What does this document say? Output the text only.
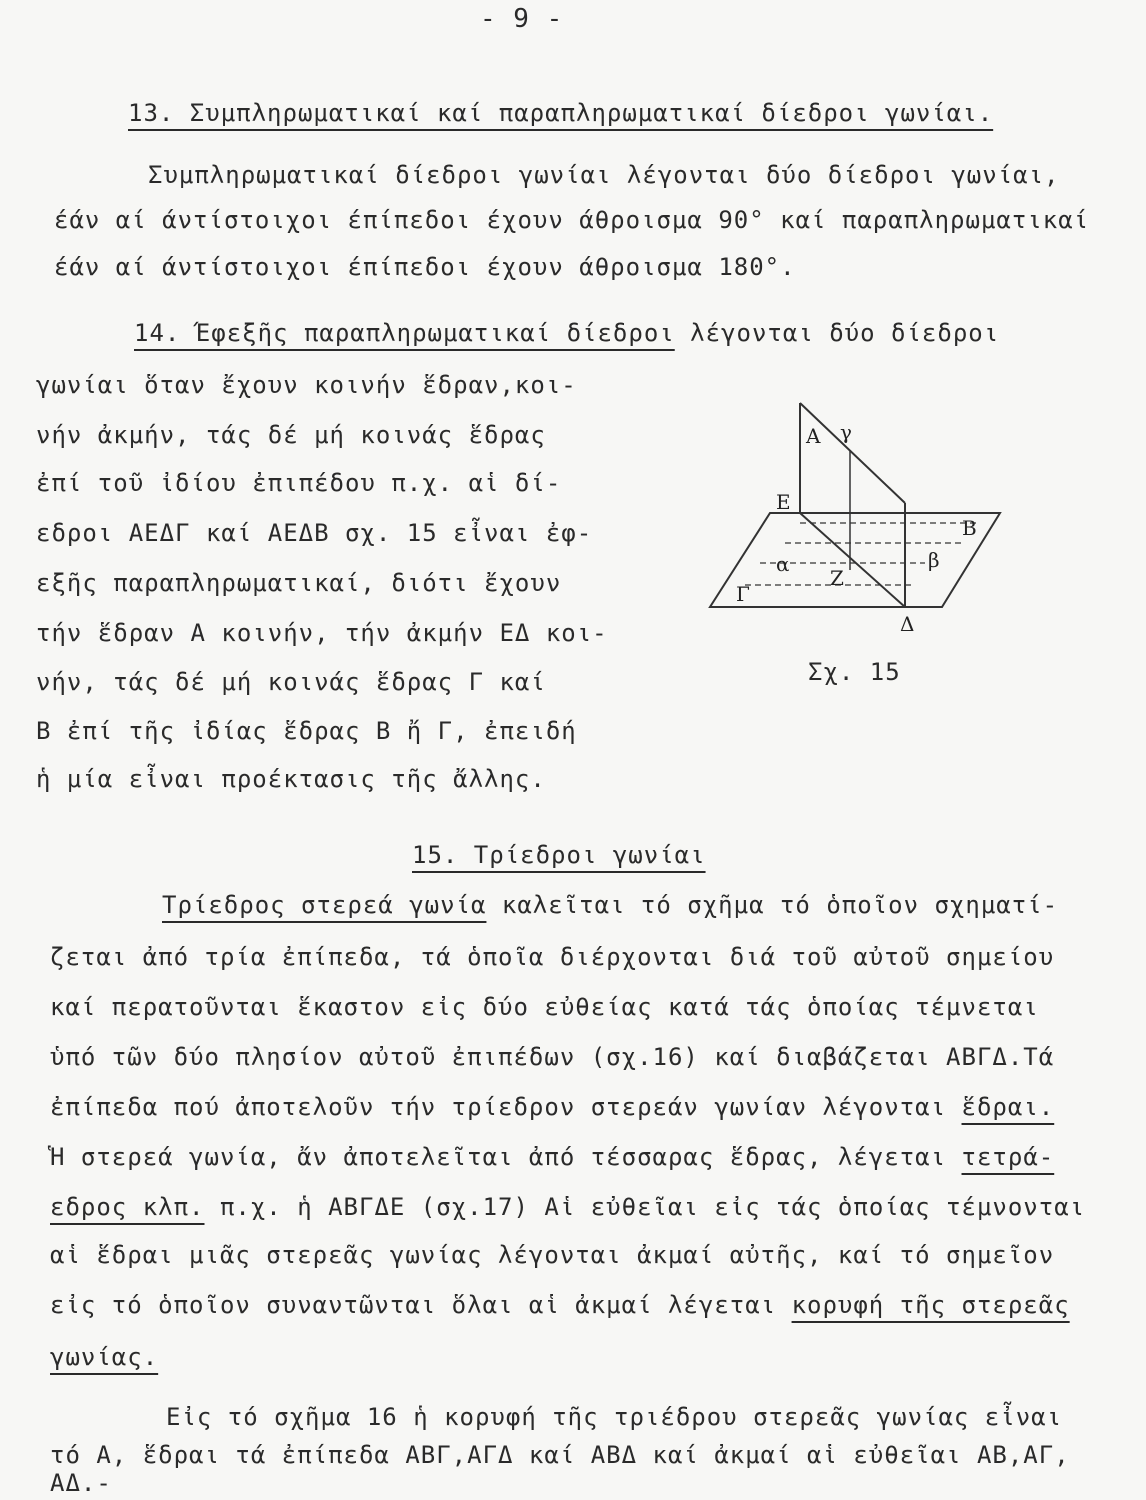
- 9 -
13. Συμπληρωματικαί καί παραπληρωματικαί δίεδροι γωνίαι.
Συμπληρωματικαί δίεδροι γωνίαι λέγονται δύο δίεδροι γωνίαι,
έάν αί άντίστοιχοι έπίπεδοι έχουν άθροισμα 90° καί παραπληρωματικαί
έάν αί άντίστοιχοι έπίπεδοι έχουν άθροισμα 180°.
14. Έφεξῆς παραπληρωματικαί δίεδροι λέγονται δύο δίεδροι
γωνίαι ὅταν ἔχουν κοινήν ἕδραν,κοι-
νήν ἀκμήν, τάς δέ μή κοινάς ἕδρας
ἐπί τοῦ ἰδίου ἐπιπέδου π.χ. αἱ δί-
εδροι ΑΕΔΓ καί ΑΕΔΒ σχ. 15 εἶναι ἐφ-
εξῆς παραπληρωματικαί, διότι ἔχουν
τήν ἕδραν Α κοινήν, τήν ἀκμήν ΕΔ κοι-
νήν, τάς δέ μή κοινάς ἕδρας Γ καί
Β ἐπί τῆς ἰδίας ἕδρας Β ἤ Γ, ἐπειδή
ἡ μία εἶναι προέκτασις τῆς ἄλλης.
Α γ
Ε
Β
β
α
Ζ
Γ
Δ
Σχ. 15
15. Τρίεδροι γωνίαι
Τρίεδρος στερεά γωνία καλεῖται τό σχῆμα τό ὁποῖον σχηματί-
ζεται ἀπό τρία ἐπίπεδα, τά ὁποῖα διέρχονται διά τοῦ αὐτοῦ σημείου
καί περατοῦνται ἕκαστον εἰς δύο εὐθείας κατά τάς ὁποίας τέμνεται
ὑπό τῶν δύο πλησίον αὐτοῦ ἐπιπέδων (σχ.16) καί διαβάζεται ΑΒΓΔ.Τά
ἐπίπεδα πού ἀποτελοῦν τήν τρίεδρον στερεάν γωνίαν λέγονται ἕδραι.
Ἡ στερεά γωνία, ἄν ἀποτελεῖται ἀπό τέσσαρας ἕδρας, λέγεται τετρά-
εδρος κλπ. π.χ. ἡ ΑΒΓΔΕ (σχ.17) Αἱ εὐθεῖαι εἰς τάς ὁποίας τέμνονται
αἱ ἕδραι μιᾶς στερεᾶς γωνίας λέγονται ἀκμαί αὐτῆς, καί τό σημεῖον
εἰς τό ὁποῖον συναντῶνται ὅλαι αἱ ἀκμαί λέγεται κορυφή τῆς στερεᾶς
γωνίας.
Εἰς τό σχῆμα 16 ἡ κορυφή τῆς τριέδρου στερεᾶς γωνίας εἶναι
τό Α, ἕδραι τά ἐπίπεδα ΑΒΓ,ΑΓΔ καί ΑΒΔ καί ἀκμαί αἱ εὐθεῖαι ΑΒ,ΑΓ,
ΑΔ.-
